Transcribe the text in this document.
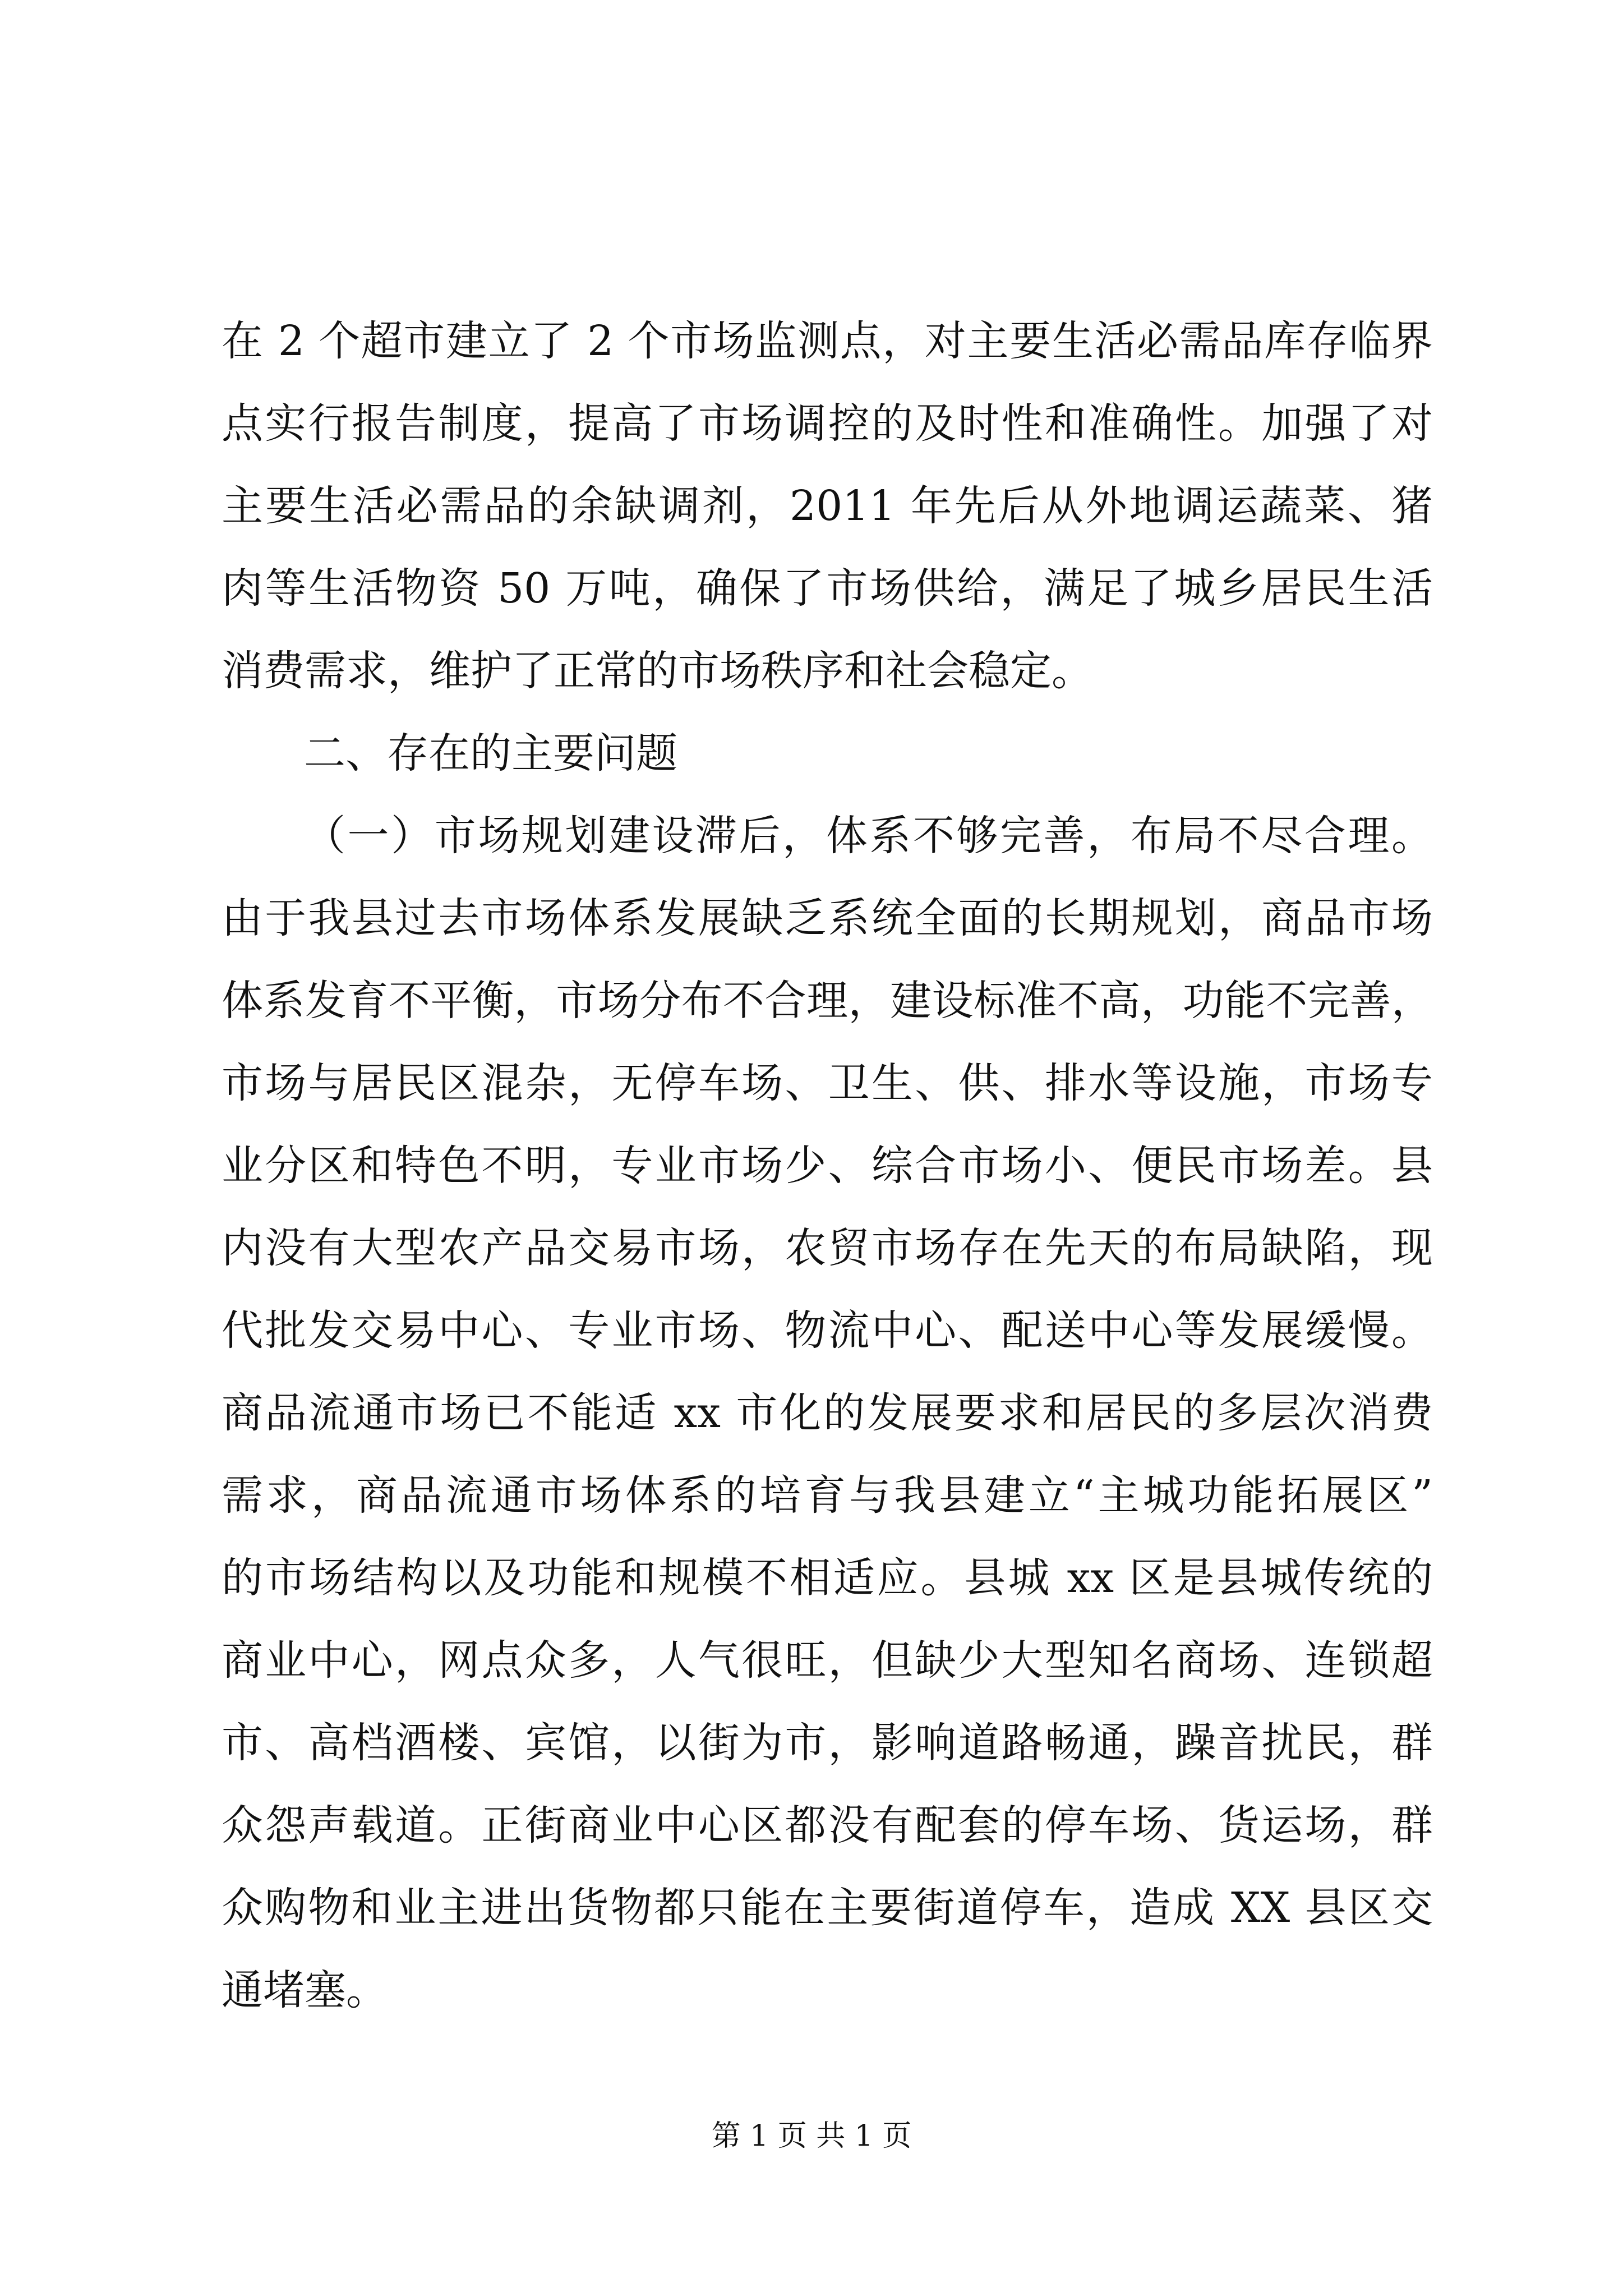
在 2 个超市建立了 2 个市场监测点，对主要生活必需品库存临界
点实行报告制度，提高了市场调控的及时性和准确性。加强了对
主要生活必需品的余缺调剂，2011 年先后从外地调运蔬菜、猪
肉等生活物资 50 万吨，确保了市场供给，满足了城乡居民生活
消费需求，维护了正常的市场秩序和社会稳定。
二、存在的主要问题
（一）市场规划建设滞后，体系不够完善，布局不尽合理。
由于我县过去市场体系发展缺乏系统全面的长期规划，商品市场
体系发育不平衡，市场分布不合理，建设标准不高，功能不完善，
市场与居民区混杂，无停车场、卫生、供、排水等设施，市场专
业分区和特色不明，专业市场少、综合市场小、便民市场差。县
内没有大型农产品交易市场，农贸市场存在先天的布局缺陷，现
代批发交易中心、专业市场、物流中心、配送中心等发展缓慢。
商品流通市场已不能适 xx 市化的发展要求和居民的多层次消费
需求，商品流通市场体系的培育与我县建立“主城功能拓展区”
的市场结构以及功能和规模不相适应。县城 xx 区是县城传统的
商业中心，网点众多，人气很旺，但缺少大型知名商场、连锁超
市、高档酒楼、宾馆，以街为市，影响道路畅通，躁音扰民，群
众怨声载道。正街商业中心区都没有配套的停车场、货运场，群
众购物和业主进出货物都只能在主要街道停车，造成 XX 县区交
通堵塞。
第 1 页 共 1 页
